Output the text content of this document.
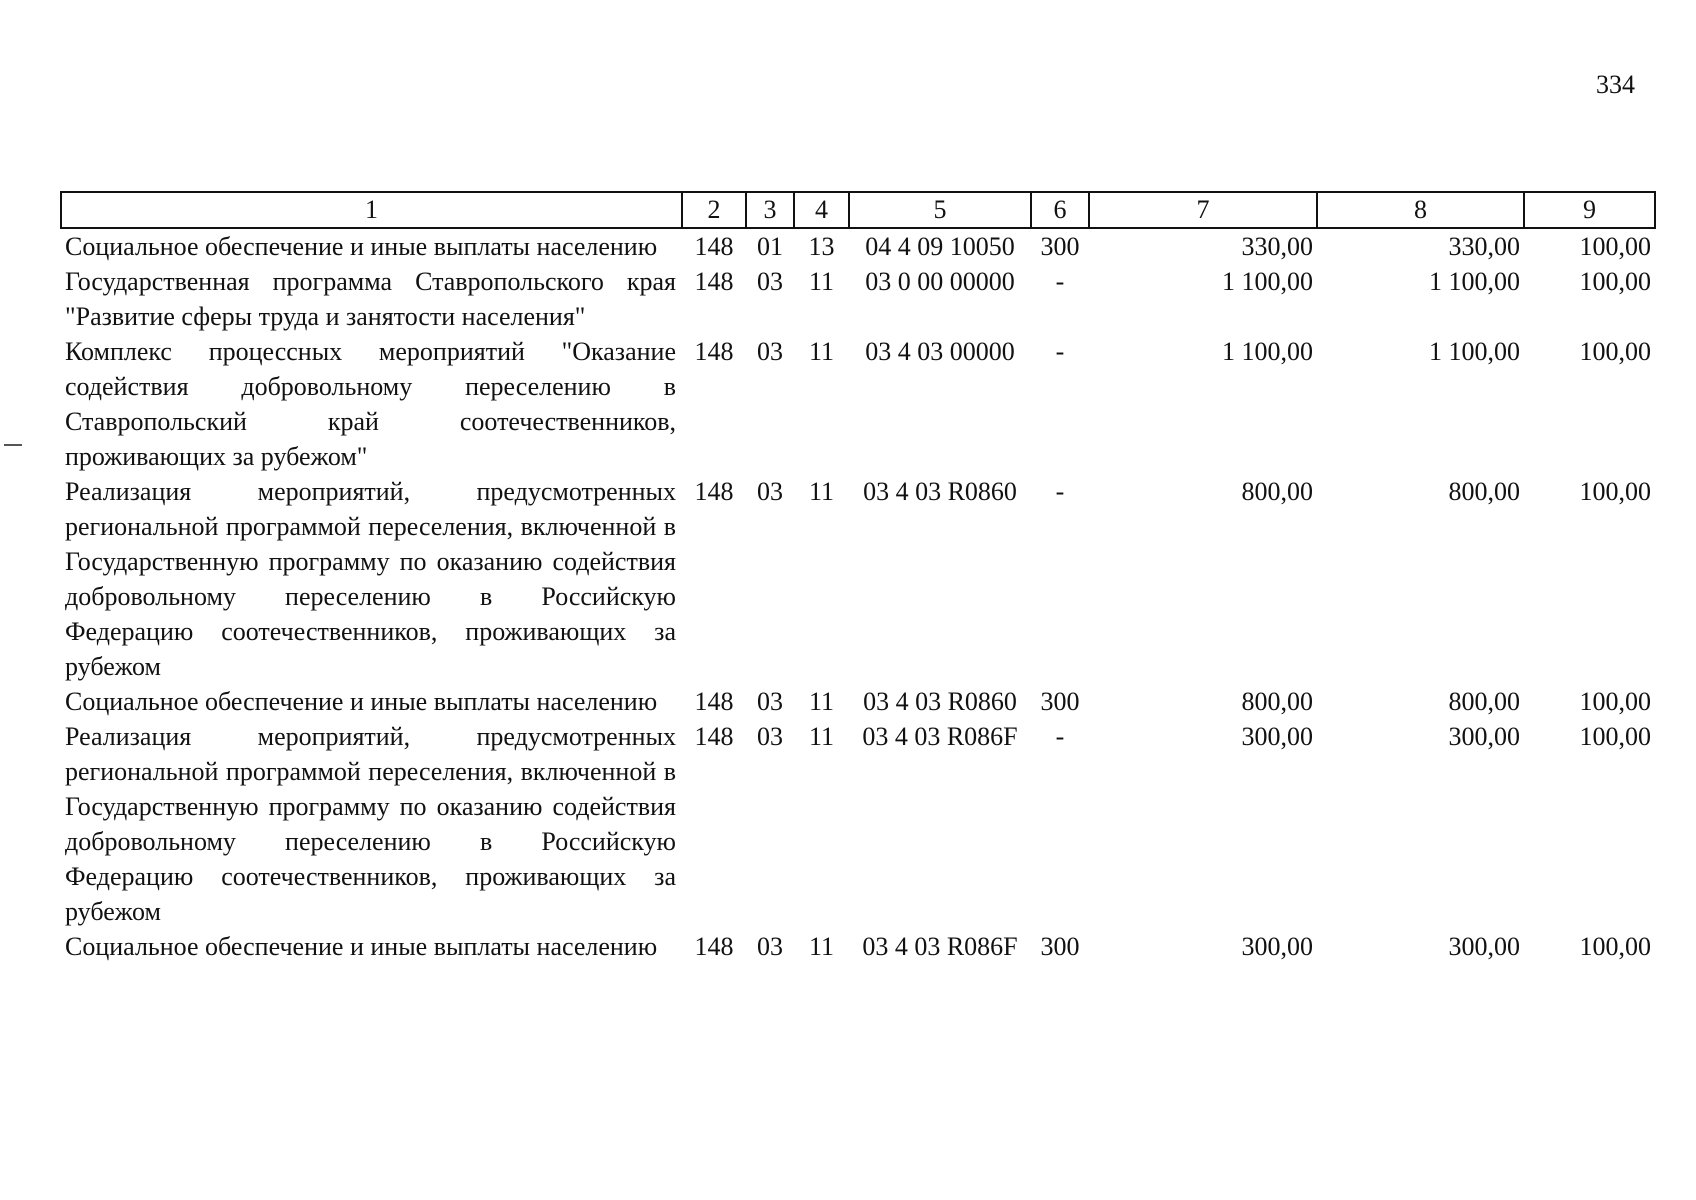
334
1	2	3	4	5	6	7	8	9
Социальное обеспечение и иные выплаты населению	148	01	13	04 4 09 10050	300	330,00	330,00	100,00
Государственная программа Ставропольского края "Развитие сферы труда и занятости населения"	148	03	11	03 0 00 00000	-	1 100,00	1 100,00	100,00
Комплекс процессных мероприятий "Оказание содействия добровольному переселению в Ставропольский край соотечественников, проживающих за рубежом"	148	03	11	03 4 03 00000	-	1 100,00	1 100,00	100,00
Реализация мероприятий, предусмотренных региональной программой переселения, включенной в Государственную программу по оказанию содействия добровольному переселению в Российскую Федерацию соотечественников, проживающих за рубежом	148	03	11	03 4 03 R0860	-	800,00	800,00	100,00
Социальное обеспечение и иные выплаты населению	148	03	11	03 4 03 R0860	300	800,00	800,00	100,00
Реализация мероприятий, предусмотренных региональной программой переселения, включенной в Государственную программу по оказанию содействия добровольному переселению в Российскую Федерацию соотечественников, проживающих за рубежом	148	03	11	03 4 03 R086F	-	300,00	300,00	100,00
Социальное обеспечение и иные выплаты населению	148	03	11	03 4 03 R086F	300	300,00	300,00	100,00
